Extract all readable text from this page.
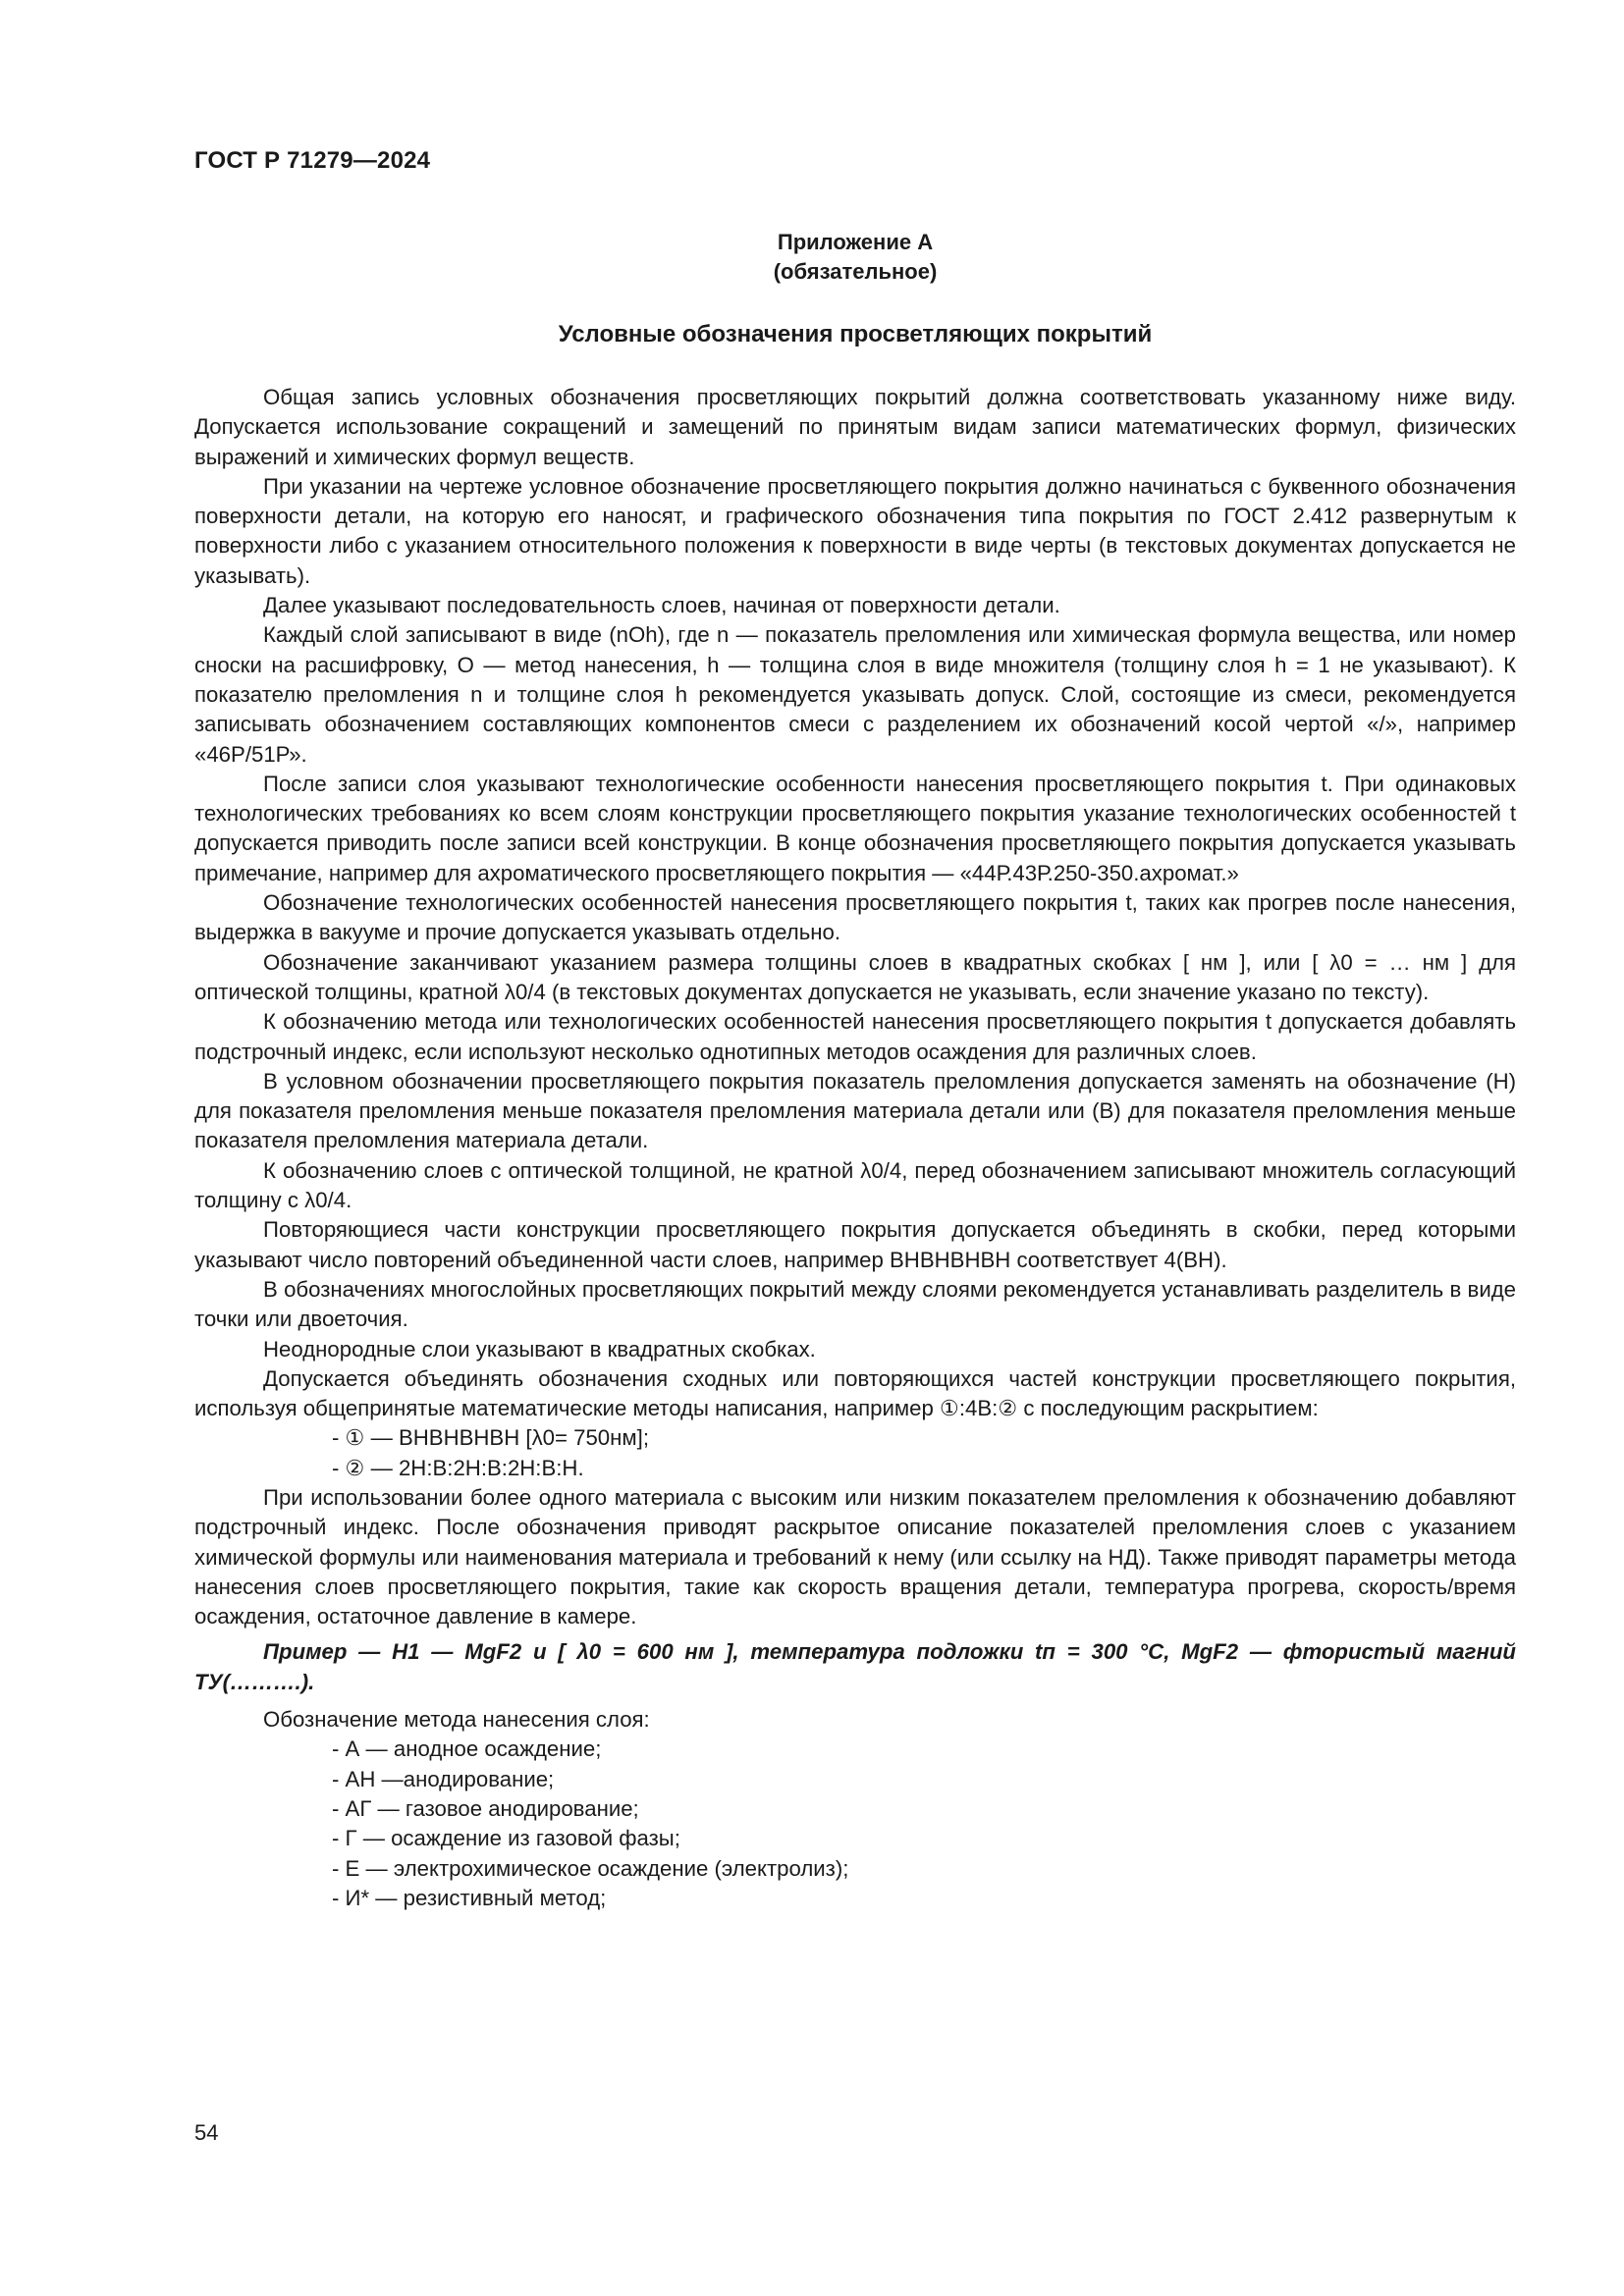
ГОСТ Р 71279—2024
Приложение А
(обязательное)
Условные обозначения просветляющих покрытий

Общая запись условных обозначения просветляющих покрытий должна соответствовать указанному ниже виду. Допускается использование сокращений и замещений по принятым видам записи математических формул, физических выражений и химических формул веществ.

При указании на чертеже условное обозначение просветляющего покрытия должно начинаться с буквенного обозначения поверхности детали, на которую его наносят, и графического обозначения типа покрытия по ГОСТ 2.412 развернутым к поверхности либо с указанием относительного положения к поверхности в виде черты (в текстовых документах допускается не указывать).

Далее указывают последовательность слоев, начиная от поверхности детали.

Каждый слой записывают в виде (nOh), где n — показатель преломления или химическая формула вещества, или номер сноски на расшифровку, О — метод нанесения, h — толщина слоя в виде множителя (толщину слоя h = 1 не указывают). К показателю преломления n и толщине слоя h рекомендуется указывать допуск. Слой, состоящие из смеси, рекомендуется записывать обозначением составляющих компонентов смеси с разделением их обозначений косой чертой «/», например «46Р/51Р».

После записи слоя указывают технологические особенности нанесения просветляющего покрытия t. При одинаковых технологических требованиях ко всем слоям конструкции просветляющего покрытия указание технологических особенностей t допускается приводить после записи всей конструкции. В конце обозначения просветляющего покрытия допускается указывать примечание, например для ахроматического просветляющего покрытия — «44Р.43Р.250-350.ахромат.»

Обозначение технологических особенностей нанесения просветляющего покрытия t, таких как прогрев после нанесения, выдержка в вакууме и прочие допускается указывать отдельно.

Обозначение заканчивают указанием размера толщины слоев в квадратных скобках [ нм ], или [ λ0 = … нм ] для оптической толщины, кратной λ0/4 (в текстовых документах допускается не указывать, если значение указано по тексту).

К обозначению метода или технологических особенностей нанесения просветляющего покрытия t допускается добавлять подстрочный индекс, если используют несколько однотипных методов осаждения для различных слоев.

В условном обозначении просветляющего покрытия показатель преломления допускается заменять на обозначение (Н) для показателя преломления меньше показателя преломления материала детали или (В) для показателя преломления меньше показателя преломления материала детали.

К обозначению слоев с оптической толщиной, не кратной λ0/4, перед обозначением записывают множитель согласующий толщину с λ0/4.

Повторяющиеся части конструкции просветляющего покрытия допускается объединять в скобки, перед которыми указывают число повторений объединенной части слоев, например ВНВНВНВН соответствует 4(ВН).

В обозначениях многослойных просветляющих покрытий между слоями рекомендуется устанавливать разделитель в виде точки или двоеточия.

Неоднородные слои указывают в квадратных скобках.

Допускается объединять обозначения сходных или повторяющихся частей конструкции просветляющего покрытия, используя общепринятые математические методы написания, например ①:4В:② с последующим раскрытием:

- ① — ВНВНВНВН [λ0= 750нм];

- ② — 2Н:В:2Н:В:2Н:В:Н.

При использовании более одного материала с высоким или низким показателем преломления к обозначению добавляют подстрочный индекс. После обозначения приводят раскрытое описание показателей преломления слоев с указанием химической формулы или наименования материала и требований к нему (или ссылку на НД). Также приводят параметры метода нанесения слоев просветляющего покрытия, такие как скорость вращения детали, температура прогрева, скорость/время осаждения, остаточное давление в камере.

Пример — H1 — MgF2 и [ λ0 = 600 нм ], температура подложки tп = 300 °С, MgF2 — фтористый магний ТУ(……….).

Обозначение метода нанесения слоя:

- А — анодное осаждение;

- АН —анодирование;

- АГ — газовое анодирование;

- Г — осаждение из газовой фазы;

- Е — электрохимическое осаждение (электролиз);

- И* — резистивный метод;

54
